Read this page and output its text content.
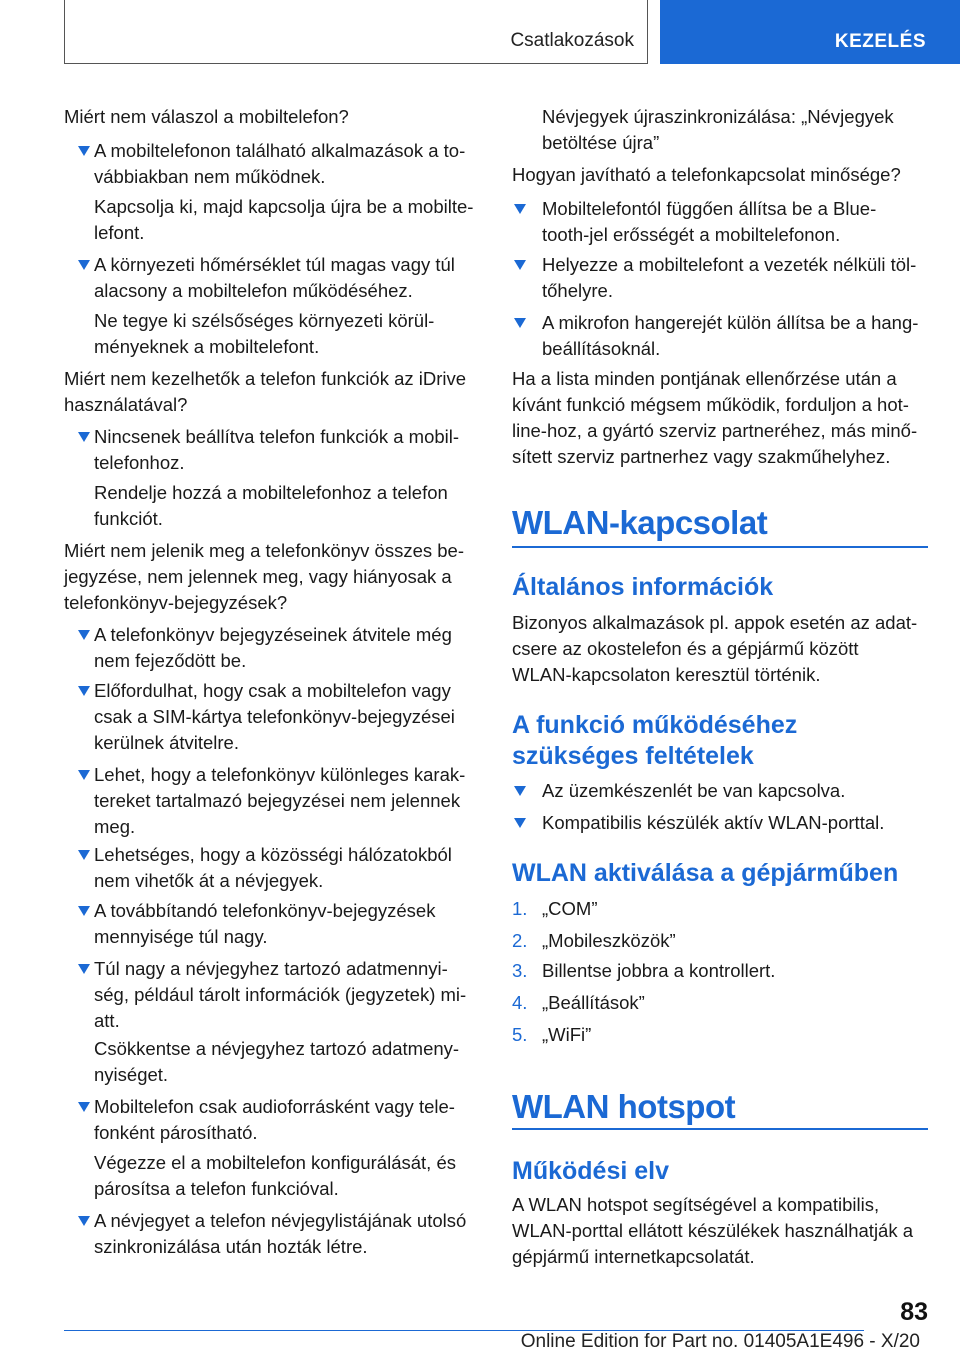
Csatlakozások	KEZELÉS

Miért nem válaszol a mobiltelefon?

A mobiltelefonon található alkalmazások a to-

vábbiakban nem működnek.

Kapcsolja ki, majd kapcsolja újra be a mobilte-

lefont.

A környezeti hőmérséklet túl magas vagy túl

alacsony a mobiltelefon működéséhez.

Ne tegye ki szélsőséges környezeti körül-

ményeknek a mobiltelefont.

Miért nem kezelhetők a telefon funkciók az iDrive

használatával?

Nincsenek beállítva telefon funkciók a mobil-

telefonhoz.

Rendelje hozzá a mobiltelefonhoz a telefon

funkciót.

Miért nem jelenik meg a telefonkönyv összes be-

jegyzése, nem jelennek meg, vagy hiányosak a

telefonkönyv-bejegyzések?

A telefonkönyv bejegyzéseinek átvitele még

nem fejeződött be.

Előfordulhat, hogy csak a mobiltelefon vagy

csak a SIM-kártya telefonkönyv-bejegyzései

kerülnek átvitelre.

Lehet, hogy a telefonkönyv különleges karak-

tereket tartalmazó bejegyzései nem jelennek

meg.

Lehetséges, hogy a közösségi hálózatokból

nem vihetők át a névjegyek.

A továbbítandó telefonkönyv-bejegyzések

mennyisége túl nagy.

Túl nagy a névjegyhez tartozó adatmennyi-

ség, például tárolt információk (jegyzetek) mi-

att.

Csökkentse a névjegyhez tartozó adatmeny-

nyiséget.

Mobiltelefon csak audioforrásként vagy tele-

fonként párosítható.

Végezze el a mobiltelefon konfigurálását, és

párosítsa a telefon funkcióval.

A névjegyet a telefon névjegylistájának utolsó

szinkronizálása után hozták létre.

Névjegyek újraszinkronizálása: „Névjegyek

betöltése újra”

Hogyan javítható a telefonkapcsolat minősége?

Mobiltelefontól függően állítsa be a Blue-

tooth-jel erősségét a mobiltelefonon.

Helyezze a mobiltelefont a vezeték nélküli töl-

tőhelyre.

A mikrofon hangerejét külön állítsa be a hang-

beállításoknál.

Ha a lista minden pontjának ellenőrzése után a

kívánt funkció mégsem működik, forduljon a hot-

line-hoz, a gyártó szerviz partneréhez, más minő-

sített szerviz partnerhez vagy szakműhelyhez.

WLAN-kapcsolat
Általános információk

Bizonyos alkalmazások pl. appok esetén az adat-

csere az okostelefon és a gépjármű között

WLAN-kapcsolaton keresztül történik.

A funkció működéséhez
szükséges feltételek

Az üzemkészenlét be van kapcsolva.

Kompatibilis készülék aktív WLAN-porttal.

WLAN aktiválása a gépjárműben
1. „COM”
2. „Mobileszközök”
3. Billentse jobbra a kontrollert.
4. „Beállítások”
5. „WiFi”
WLAN hotspot
Működési elv

A WLAN hotspot segítségével a kompatibilis,

WLAN-porttal ellátott készülékek használhatják a

gépjármű internetkapcsolatát.

83
Online Edition for Part no. 01405A1E496 - X/20
